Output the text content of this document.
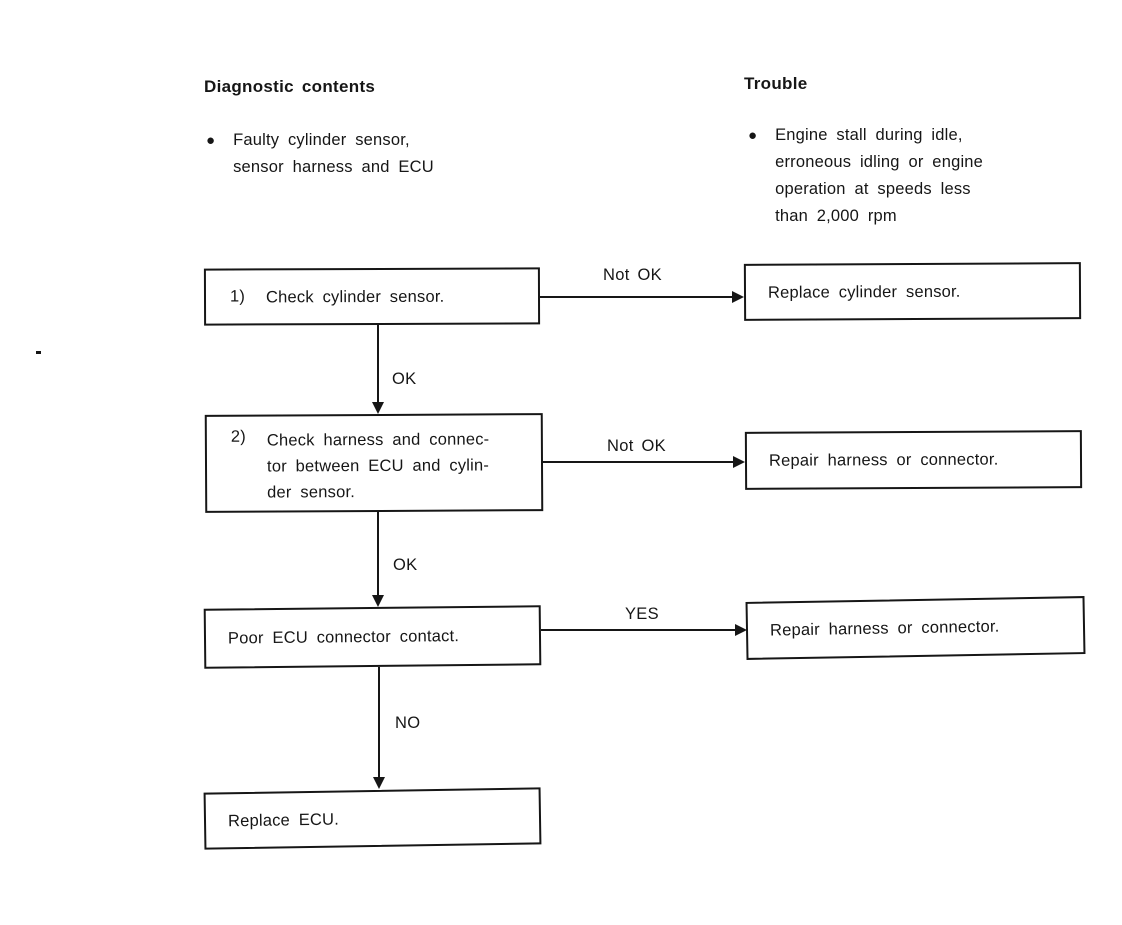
Diagnostic contents	Trouble
● Faulty cylinder sensor,
sensor harness and ECU
● Engine stall during idle,
erroneous idling or engine
operation at speeds less
than 2,000 rpm
1)	Check cylinder sensor.
Not OK
Replace cylinder sensor.
OK
2)	Check harness and connec-
tor between ECU and cylin-
der sensor.
Not OK
Repair harness or connector.
OK
Poor ECU connector contact.
YES
Repair harness or connector.
NO
Replace ECU.
